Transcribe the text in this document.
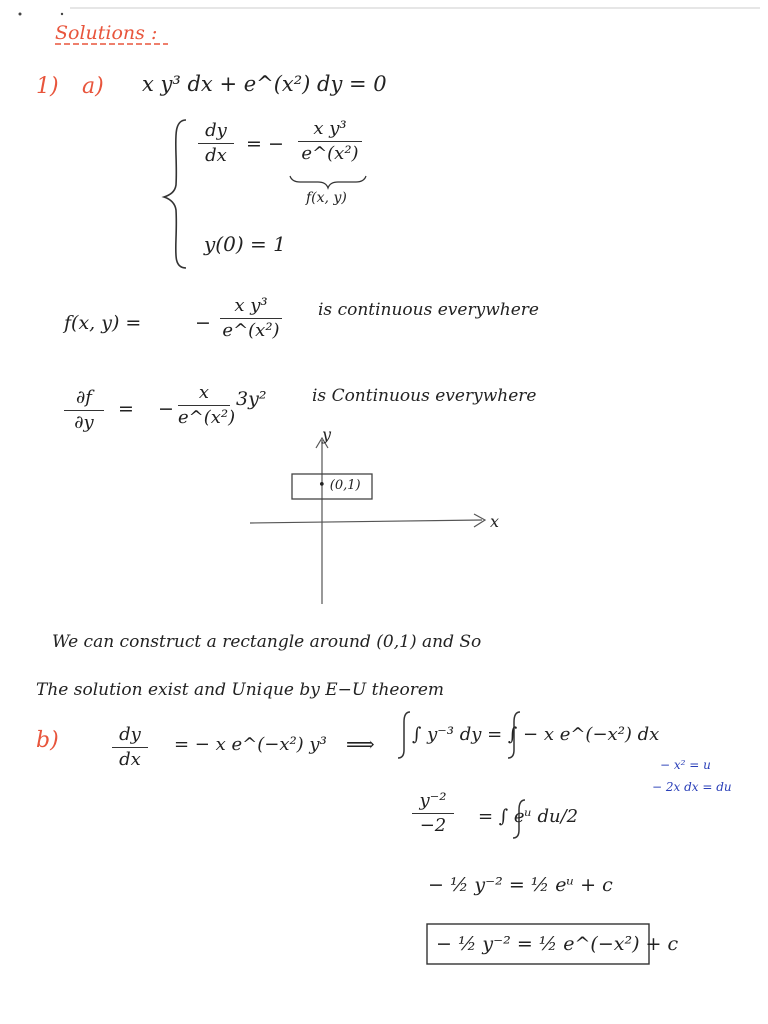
Solutions :
1) a) x y³ dx + e^(x²) dy = 0
dy
dx
= −
x y³
e^(x²)
f(x, y)
y(0) = 1
f(x, y) =	−
x y³
e^(x²)
is continuous everywhere
∂f
∂y
= −
x
e^(x²)
3y²	is Continuous everywhere
y
x
• (0,1)
We can construct a rectangle around (0,1) and So
The solution exist and Unique by E−U theorem
b)	dy
dx
= − x e^(−x²) y³ ⟹ ∫ y⁻³ dy = ∫ − x e^(−x²) dx
− x² = u
− 2x dx = du
y⁻²
−2	= ∫ eᵘ du/2
− ½ y⁻² = ½ eᵘ + c
− ½ y⁻² = ½ e^(−x²) + c
